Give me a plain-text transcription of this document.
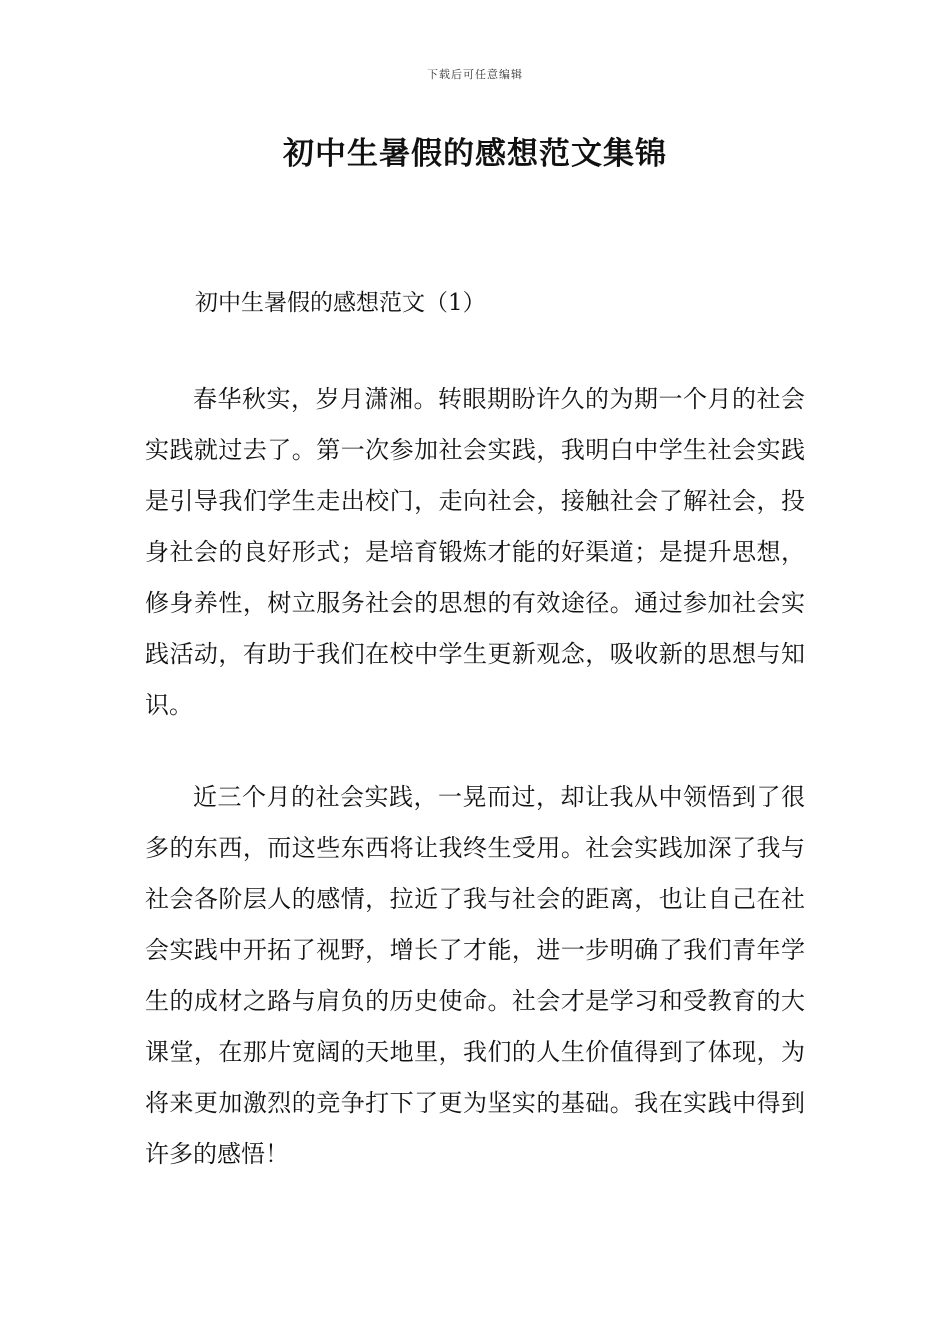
下载后可任意编辑
初中生暑假的感想范文集锦
初中生暑假的感想范文（1）

春华秋实，岁月潇湘。转眼期盼许久的为期一个月的社会实践就过去了。第一次参加社会实践，我明白中学生社会实践是引导我们学生走出校门，走向社会，接触社会了解社会，投身社会的良好形式；是培育锻炼才能的好渠道；是提升思想，修身养性，树立服务社会的思想的有效途径。通过参加社会实践活动，有助于我们在校中学生更新观念，吸收新的思想与知识。

近三个月的社会实践，一晃而过，却让我从中领悟到了很多的东西，而这些东西将让我终生受用。社会实践加深了我与社会各阶层人的感情，拉近了我与社会的距离，也让自己在社会实践中开拓了视野，增长了才能，进一步明确了我们青年学生的成材之路与肩负的历史使命。社会才是学习和受教育的大课堂，在那片宽阔的天地里，我们的人生价值得到了体现，为将来更加激烈的竞争打下了更为坚实的基础。我在实践中得到许多的感悟！
